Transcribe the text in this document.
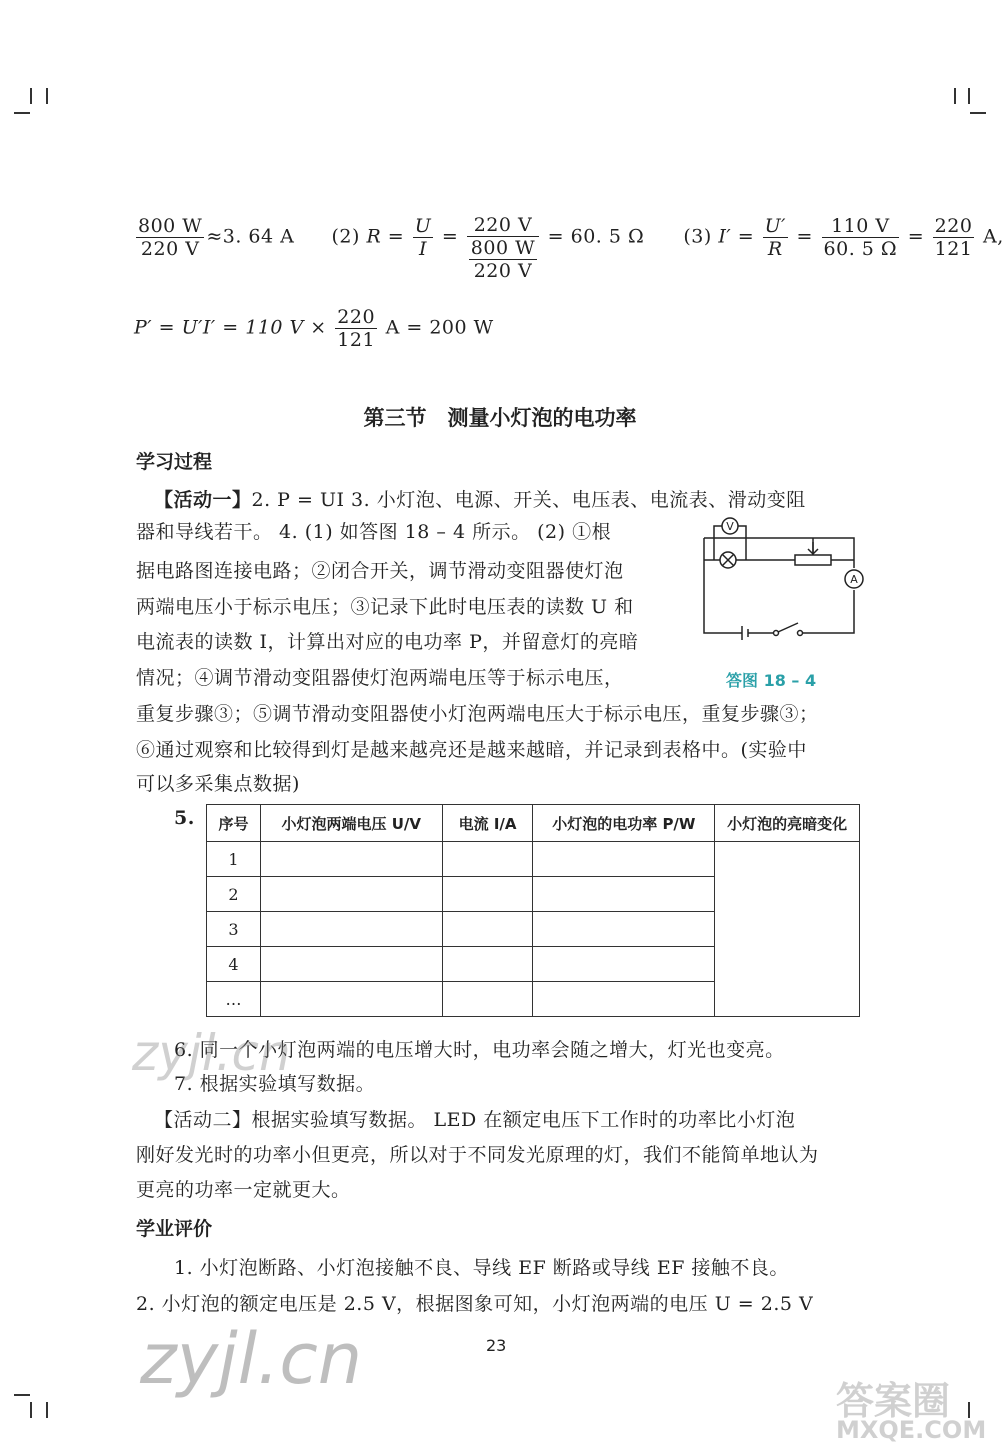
$\frac{800 W}{220 V} \approx 3$. 64 A (2) $R = \frac{U}{I} = \frac{220 V}{\frac{800 W}{220 V}} = 60$. 5 Ω (3) $I' = \frac{U'}{R} = \frac{110 V}{60. 5 \Omega} = \frac{220}{121} A$,
P′ = U′I′ = 110 $V \times \frac{220}{121}$ A = 200 W
第三节　测量小灯泡的电功率
学习过程
【活动一】2. P = UI 3. 小灯泡、电源、开关、电压表、电流表、滑动变阻
器和导线若干。 4. (1) 如答图 18 – 4 所示。 (2) ①根
据电路图连接电路；②闭合开关，调节滑动变阻器使灯泡
两端电压小于标示电压；③记录下此时电压表的读数 U 和
电流表的读数 I，计算出对应的电功率 P，并留意灯的亮暗
情况；④调节滑动变阻器使灯泡两端电压等于标示电压，
重复步骤③；⑤调节滑动变阻器使小灯泡两端电压大于标示电压，重复步骤③；
⑥通过观察和比较得到灯是越来越亮还是越来越暗，并记录到表格中。(实验中
可以多采集点数据)
V
A
答图 18 – 4
5. 序号	小灯泡两端电压 U/V	电流 I/A	小灯泡的电功率 P/W	小灯泡的亮暗变化
1				
2				
3				
4				
…				
6. 同一个小灯泡两端的电压增大时，电功率会随之增大，灯光也变亮。
7. 根据实验填写数据。
【活动二】根据实验填写数据。 LED 在额定电压下工作时的功率比小灯泡
刚好发光时的功率小但更亮，所以对于不同发光原理的灯，我们不能简单地认为
更亮的功率一定就更大。
学业评价
1. 小灯泡断路、小灯泡接触不良、导线 EF 断路或导线 EF 接触不良。
2. 小灯泡的额定电压是 2.5 V，根据图象可知，小灯泡两端的电压 U = 2.5 V
23
zyjl.cn
zyjl.cn
答案圈
MXQE.COM
